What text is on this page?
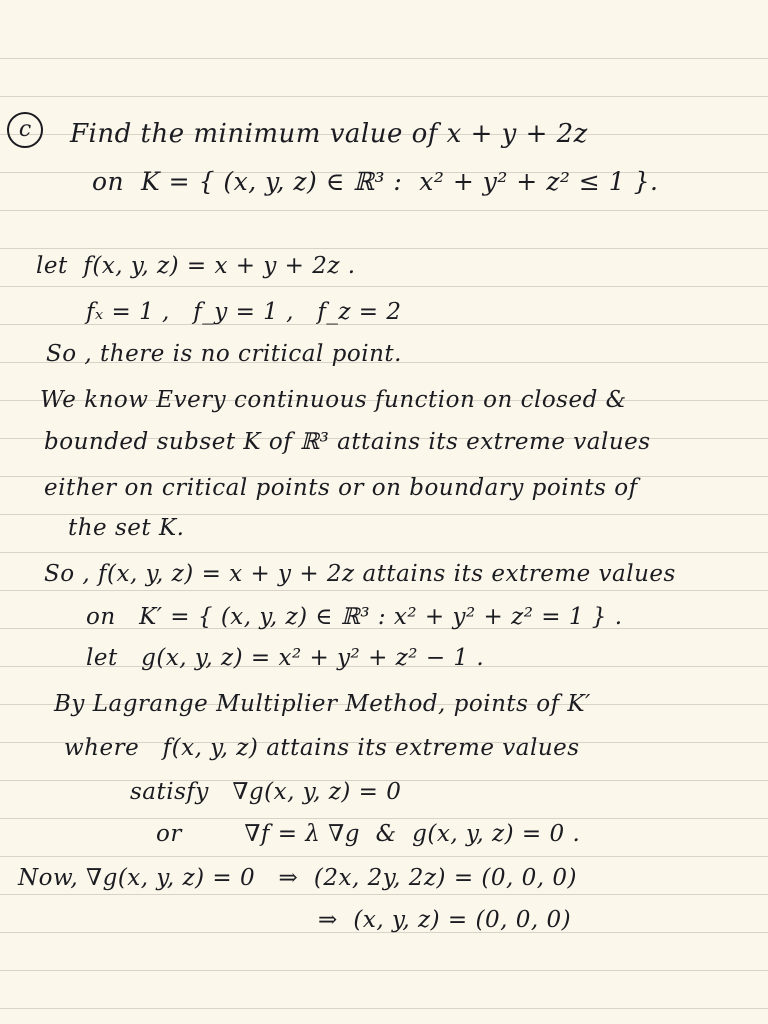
c	Find the minimum value of x + y + 2z
on  K = { (x, y, z) ∈ ℝ³ :  x² + y² + z² ≤ 1 }.
let  f(x, y, z) = x + y + 2z .
fₓ = 1 ,   f_y = 1 ,   f_z = 2
So , there is no critical point.
We know Every continuous function on closed &
bounded subset K of ℝ³ attains its extreme values
either on critical points or on boundary points of
the set K.
So , f(x, y, z) = x + y + 2z attains its extreme values
on   K′ = { (x, y, z) ∈ ℝ³ : x² + y² + z² = 1 } .
let   g(x, y, z) = x² + y² + z² − 1 .
By Lagrange Multiplier Method, points of K′
where   f(x, y, z) attains its extreme values
satisfy   ∇g(x, y, z) = 0
or        ∇f = λ ∇g  &  g(x, y, z) = 0 .
Now, ∇g(x, y, z) = 0   ⇒  (2x, 2y, 2z) = (0, 0, 0)
⇒  (x, y, z) = (0, 0, 0)
